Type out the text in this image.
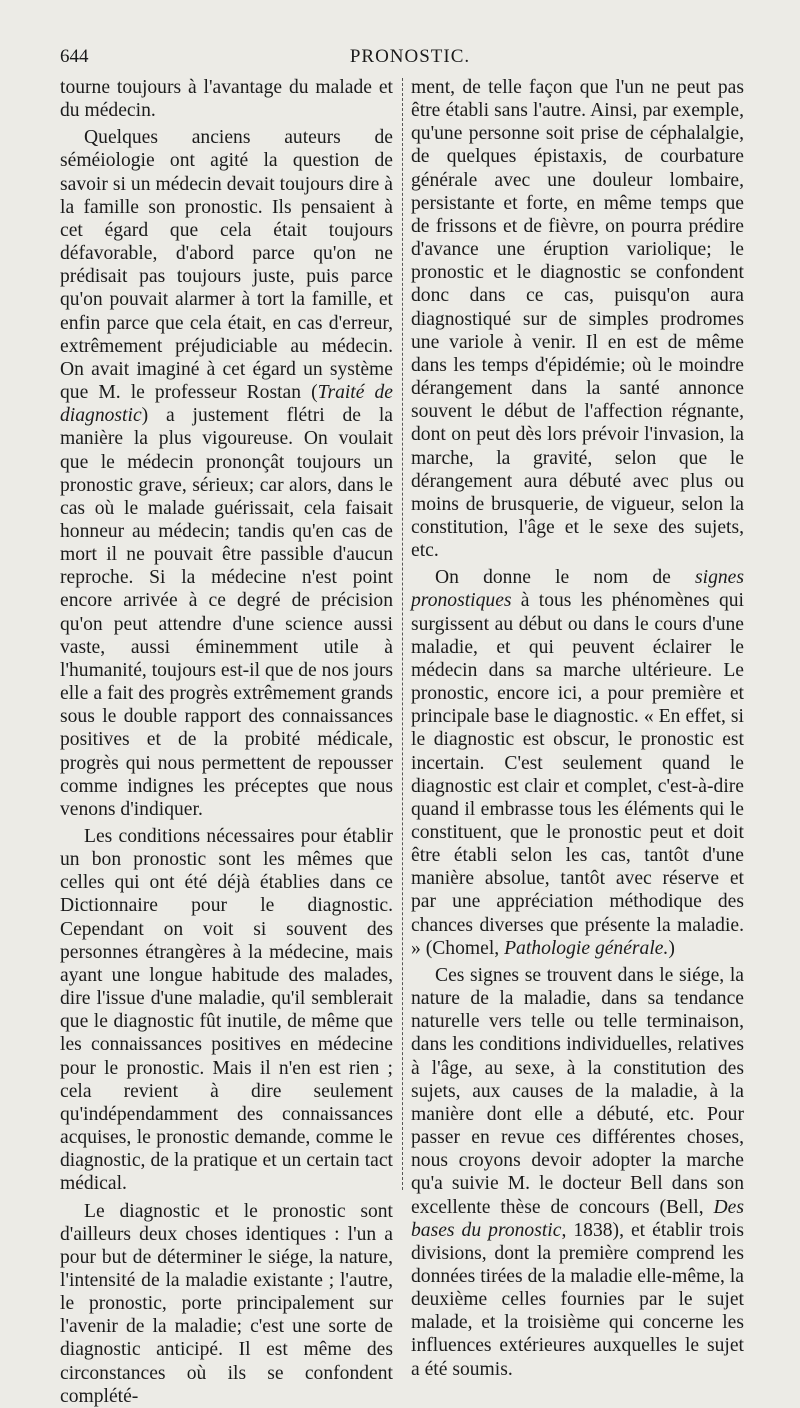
644	PRONOSTIC.

tourne toujours à l'avantage du malade et du médecin.

Quelques anciens auteurs de séméiologie ont agité la question de savoir si un médecin devait toujours dire à la famille son pronostic. Ils pensaient à cet égard que cela était toujours défavorable, d'abord parce qu'on ne prédisait pas toujours juste, puis parce qu'on pouvait alarmer à tort la famille, et enfin parce que cela était, en cas d'erreur, extrêmement préjudiciable au médecin. On avait imaginé à cet égard un système que M. le professeur Rostan (Traité de diagnostic) a justement flétri de la manière la plus vigoureuse. On voulait que le médecin prononçât toujours un pronostic grave, sérieux; car alors, dans le cas où le malade guérissait, cela faisait honneur au médecin; tandis qu'en cas de mort il ne pouvait être passible d'aucun reproche. Si la médecine n'est point encore arrivée à ce degré de précision qu'on peut attendre d'une science aussi vaste, aussi éminemment utile à l'humanité, toujours est-il que de nos jours elle a fait des progrès extrêmement grands sous le double rapport des connaissances positives et de la probité médicale, progrès qui nous permettent de repousser comme indignes les préceptes que nous venons d'indiquer.

Les conditions nécessaires pour établir un bon pronostic sont les mêmes que celles qui ont été déjà établies dans ce Dictionnaire pour le diagnostic. Cependant on voit si souvent des personnes étrangères à la médecine, mais ayant une longue habitude des malades, dire l'issue d'une maladie, qu'il semblerait que le diagnostic fût inutile, de même que les connaissances positives en médecine pour le pronostic. Mais il n'en est rien ; cela revient à dire seulement qu'indépendamment des connaissances acquises, le pronostic demande, comme le diagnostic, de la pratique et un certain tact médical.

Le diagnostic et le pronostic sont d'ailleurs deux choses identiques : l'un a pour but de déterminer le siége, la nature, l'intensité de la maladie existante ; l'autre, le pronostic, porte principalement sur l'avenir de la maladie; c'est une sorte de diagnostic anticipé. Il est même des circonstances où ils se confondent complété-

ment, de telle façon que l'un ne peut pas être établi sans l'autre. Ainsi, par exemple, qu'une personne soit prise de céphalalgie, de quelques épistaxis, de courbature générale avec une douleur lombaire, persistante et forte, en même temps que de frissons et de fièvre, on pourra prédire d'avance une éruption variolique; le pronostic et le diagnostic se confondent donc dans ce cas, puisqu'on aura diagnostiqué sur de simples prodromes une variole à venir. Il en est de même dans les temps d'épidémie; où le moindre dérangement dans la santé annonce souvent le début de l'affection régnante, dont on peut dès lors prévoir l'invasion, la marche, la gravité, selon que le dérangement aura débuté avec plus ou moins de brusquerie, de vigueur, selon la constitution, l'âge et le sexe des sujets, etc.

On donne le nom de signes pronostiques à tous les phénomènes qui surgissent au début ou dans le cours d'une maladie, et qui peuvent éclairer le médecin dans sa marche ultérieure. Le pronostic, encore ici, a pour première et principale base le diagnostic. « En effet, si le diagnostic est obscur, le pronostic est incertain. C'est seulement quand le diagnostic est clair et complet, c'est-à-dire quand il embrasse tous les éléments qui le constituent, que le pronostic peut et doit être établi selon les cas, tantôt d'une manière absolue, tantôt avec réserve et par une appréciation méthodique des chances diverses que présente la maladie. » (Chomel, Pathologie générale.)

Ces signes se trouvent dans le siége, la nature de la maladie, dans sa tendance naturelle vers telle ou telle terminaison, dans les conditions individuelles, relatives à l'âge, au sexe, à la constitution des sujets, aux causes de la maladie, à la manière dont elle a débuté, etc. Pour passer en revue ces différentes choses, nous croyons devoir adopter la marche qu'a suivie M. le docteur Bell dans son excellente thèse de concours (Bell, Des bases du pronostic, 1838), et établir trois divisions, dont la première comprend les données tirées de la maladie elle-même, la deuxième celles fournies par le sujet malade, et la troisième qui concerne les influences extérieures auxquelles le sujet a été soumis.
